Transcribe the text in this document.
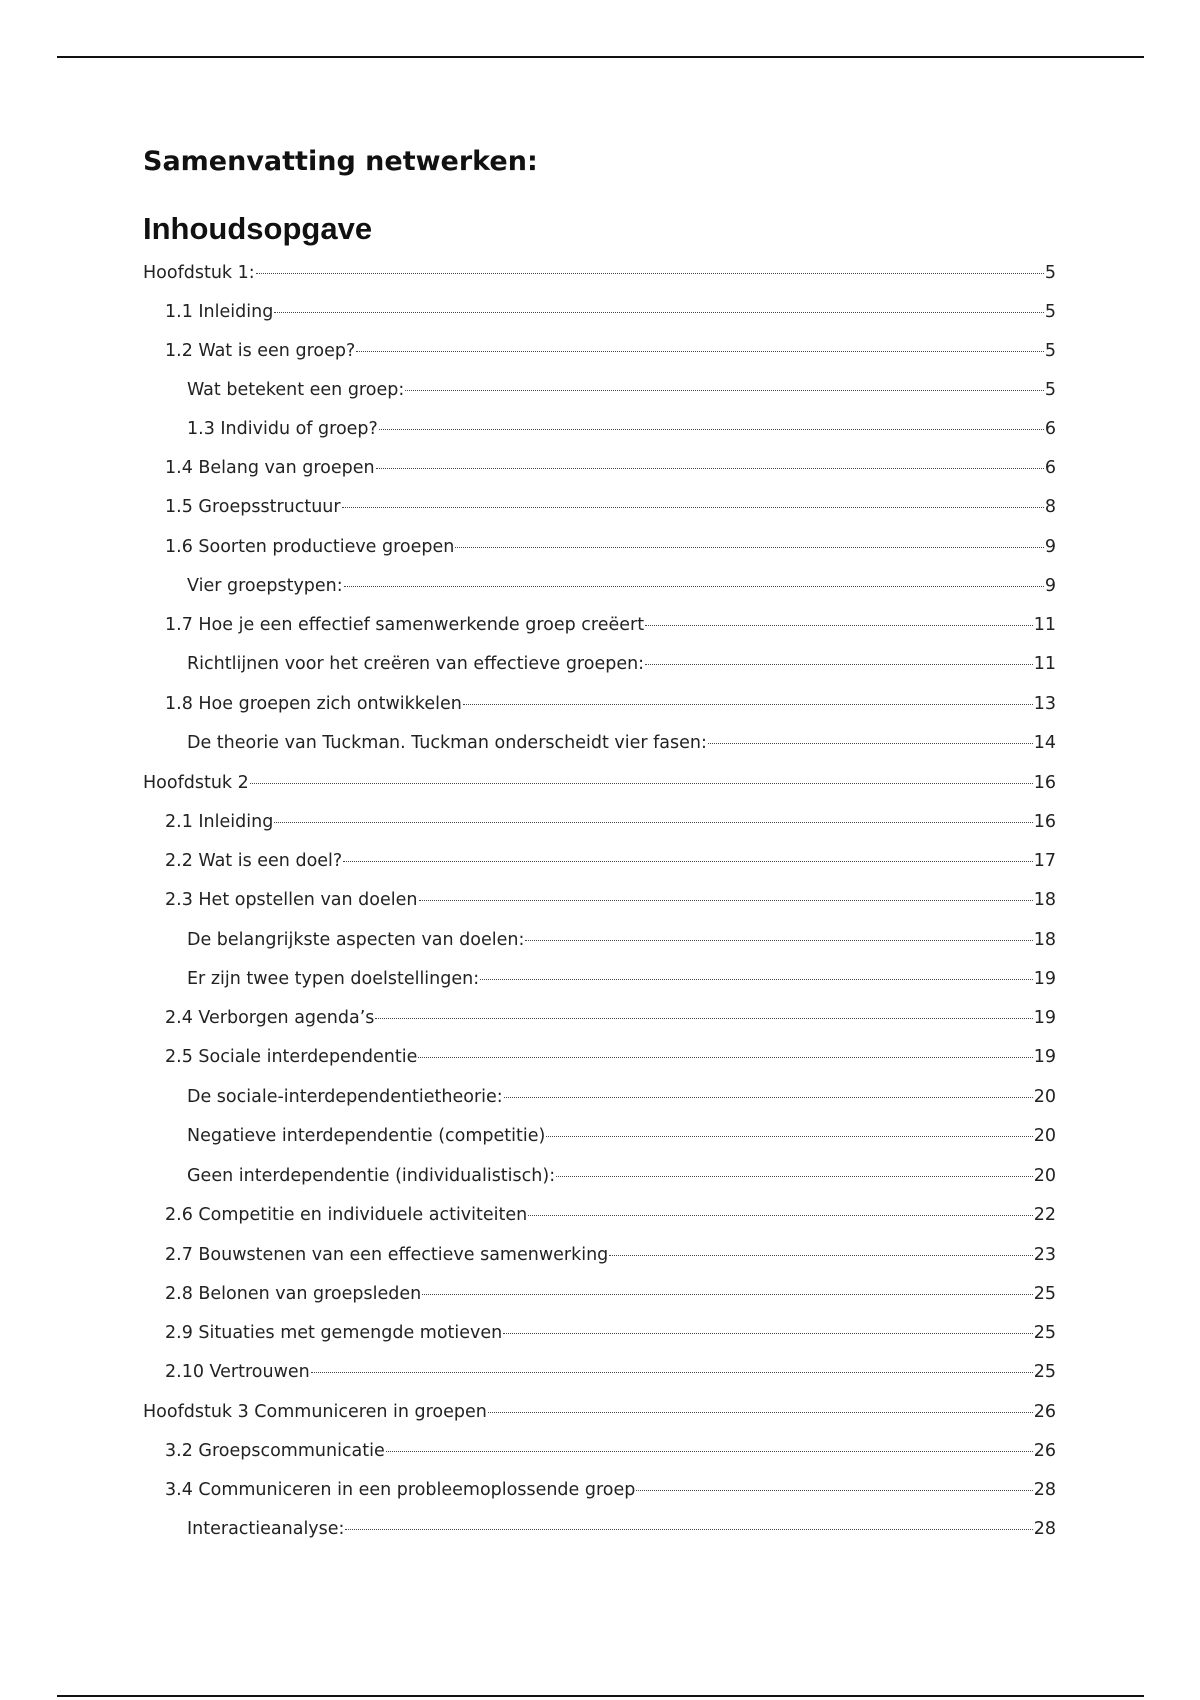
Samenvatting netwerken:
Inhoudsopgave
Hoofdstuk 1:	5
1.1 Inleiding	5
1.2 Wat is een groep?	5
Wat betekent een groep:	5
1.3 Individu of groep?	6
1.4 Belang van groepen	6
1.5 Groepsstructuur	8
1.6 Soorten productieve groepen	9
Vier groepstypen:	9
1.7 Hoe je een effectief samenwerkende groep creëert	11
Richtlijnen voor het creëren van effectieve groepen:	11
1.8 Hoe groepen zich ontwikkelen	13
De theorie van Tuckman. Tuckman onderscheidt vier fasen:	14
Hoofdstuk 2	16
2.1 Inleiding	16
2.2 Wat is een doel?	17
2.3 Het opstellen van doelen	18
De belangrijkste aspecten van doelen:	18
Er zijn twee typen doelstellingen:	19
2.4 Verborgen agenda’s	19
2.5 Sociale interdependentie	19
De sociale-interdependentietheorie:	20
Negatieve interdependentie (competitie)	20
Geen interdependentie (individualistisch):	20
2.6 Competitie en individuele activiteiten	22
2.7 Bouwstenen van een effectieve samenwerking	23
2.8 Belonen van groepsleden	25
2.9 Situaties met gemengde motieven	25
2.10 Vertrouwen	25
Hoofdstuk 3 Communiceren in groepen	26
3.2 Groepscommunicatie	26
3.4 Communiceren in een probleemoplossende groep	28
Interactieanalyse:	28
